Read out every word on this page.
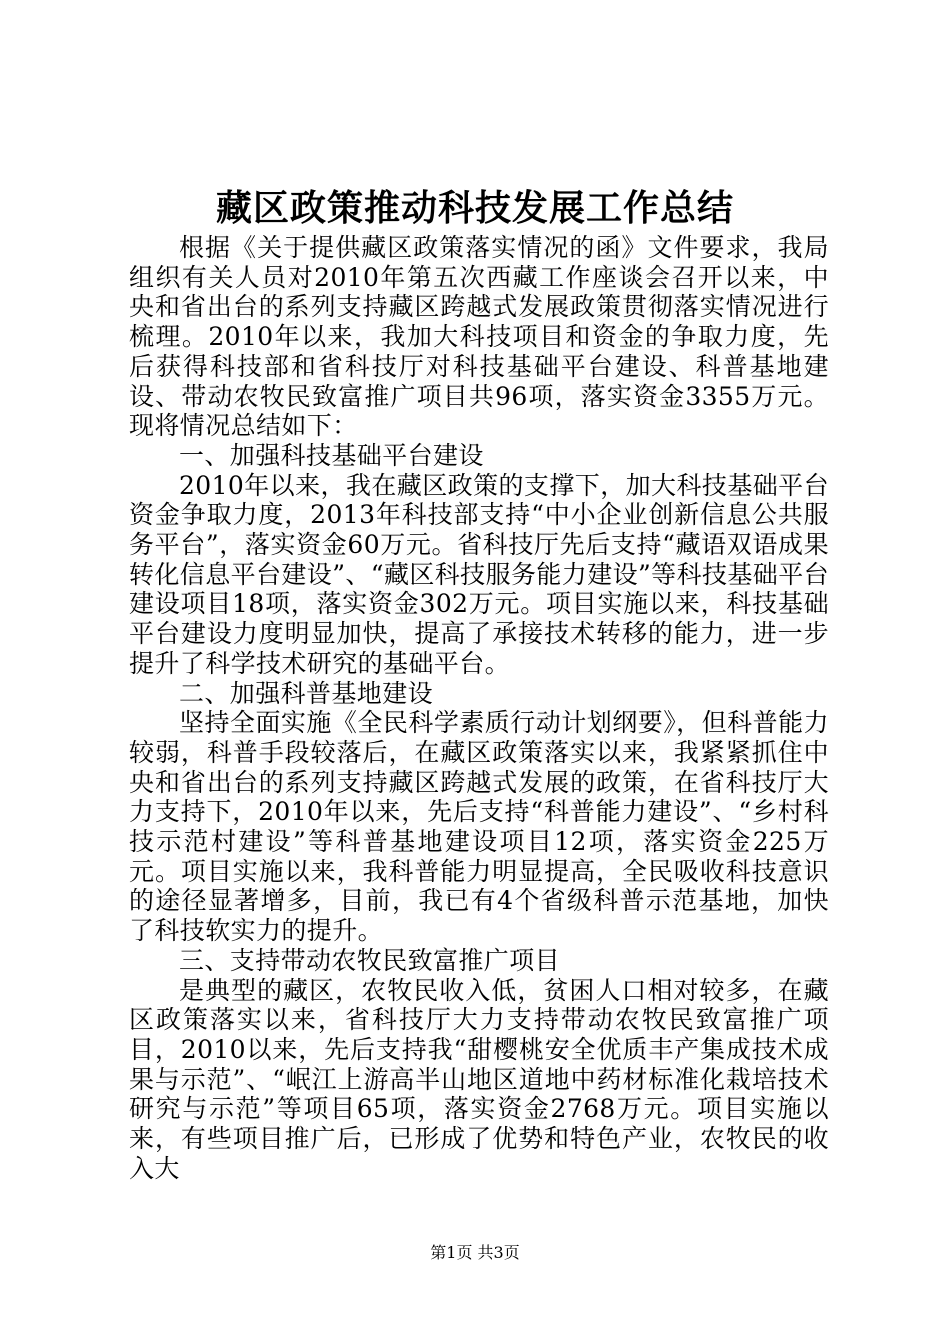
藏区政策推动科技发展工作总结

根据《关于提供藏区政策落实情况的函》文件要求，我局组织有关人员对2010年第五次西藏工作座谈会召开以来，中央和省出台的系列支持藏区跨越式发展政策贯彻落实情况进行梳理。2010年以来，我加大科技项目和资金的争取力度，先后获得科技部和省科技厅对科技基础平台建设、科普基地建设、带动农牧民致富推广项目共96项，落实资金3355万元。现将情况总结如下：

一、加强科技基础平台建设

2010年以来，我在藏区政策的支撑下，加大科技基础平台资金争取力度，2013年科技部支持“中小企业创新信息公共服务平台”，落实资金60万元。省科技厅先后支持“藏语双语成果转化信息平台建设”、“藏区科技服务能力建设”等科技基础平台建设项目18项，落实资金302万元。项目实施以来，科技基础平台建设力度明显加快，提高了承接技术转移的能力，进一步提升了科学技术研究的基础平台。

二、加强科普基地建设

坚持全面实施《全民科学素质行动计划纲要》，但科普能力较弱，科普手段较落后，在藏区政策落实以来，我紧紧抓住中央和省出台的系列支持藏区跨越式发展的政策，在省科技厅大力支持下，2010年以来，先后支持“科普能力建设”、“乡村科技示范村建设”等科普基地建设项目12项，落实资金225万元。项目实施以来，我科普能力明显提高，全民吸收科技意识的途径显著增多，目前，我已有4个省级科普示范基地，加快了科技软实力的提升。

三、支持带动农牧民致富推广项目

是典型的藏区，农牧民收入低，贫困人口相对较多，在藏区政策落实以来，省科技厅大力支持带动农牧民致富推广项目，2010以来，先后支持我“甜樱桃安全优质丰产集成技术成果与示范”、“岷江上游高半山地区道地中药材标准化栽培技术研究与示范”等项目65项，落实资金2768万元。项目实施以来，有些项目推广后，已形成了优势和特色产业，农牧民的收入大

第1页 共3页
